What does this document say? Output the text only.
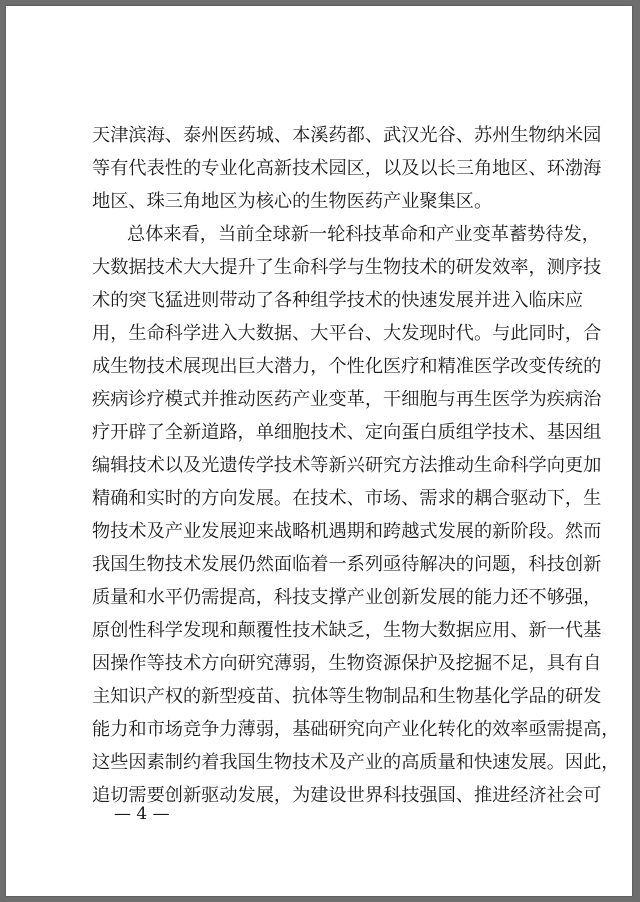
天津滨海、泰州医药城、本溪药都、武汉光谷、苏州生物纳米园
等有代表性的专业化高新技术园区，以及以长三角地区、环渤海
地区、珠三角地区为核心的生物医药产业聚集区。
总体来看，当前全球新一轮科技革命和产业变革蓄势待发，
大数据技术大大提升了生命科学与生物技术的研发效率，测序技
术的突飞猛进则带动了各种组学技术的快速发展并进入临床应
用，生命科学进入大数据、大平台、大发现时代。与此同时，合
成生物技术展现出巨大潜力，个性化医疗和精准医学改变传统的
疾病诊疗模式并推动医药产业变革，干细胞与再生医学为疾病治
疗开辟了全新道路，单细胞技术、定向蛋白质组学技术、基因组
编辑技术以及光遗传学技术等新兴研究方法推动生命科学向更加
精确和实时的方向发展。在技术、市场、需求的耦合驱动下，生
物技术及产业发展迎来战略机遇期和跨越式发展的新阶段。然而
我国生物技术发展仍然面临着一系列亟待解决的问题，科技创新
质量和水平仍需提高，科技支撑产业创新发展的能力还不够强，
原创性科学发现和颠覆性技术缺乏，生物大数据应用、新一代基
因操作等技术方向研究薄弱，生物资源保护及挖掘不足，具有自
主知识产权的新型疫苗、抗体等生物制品和生物基化学品的研发
能力和市场竞争力薄弱，基础研究向产业化转化的效率亟需提高，
这些因素制约着我国生物技术及产业的高质量和快速发展。因此，
追切需要创新驱动发展，为建设世界科技强国、推进经济社会可
— 4 —
